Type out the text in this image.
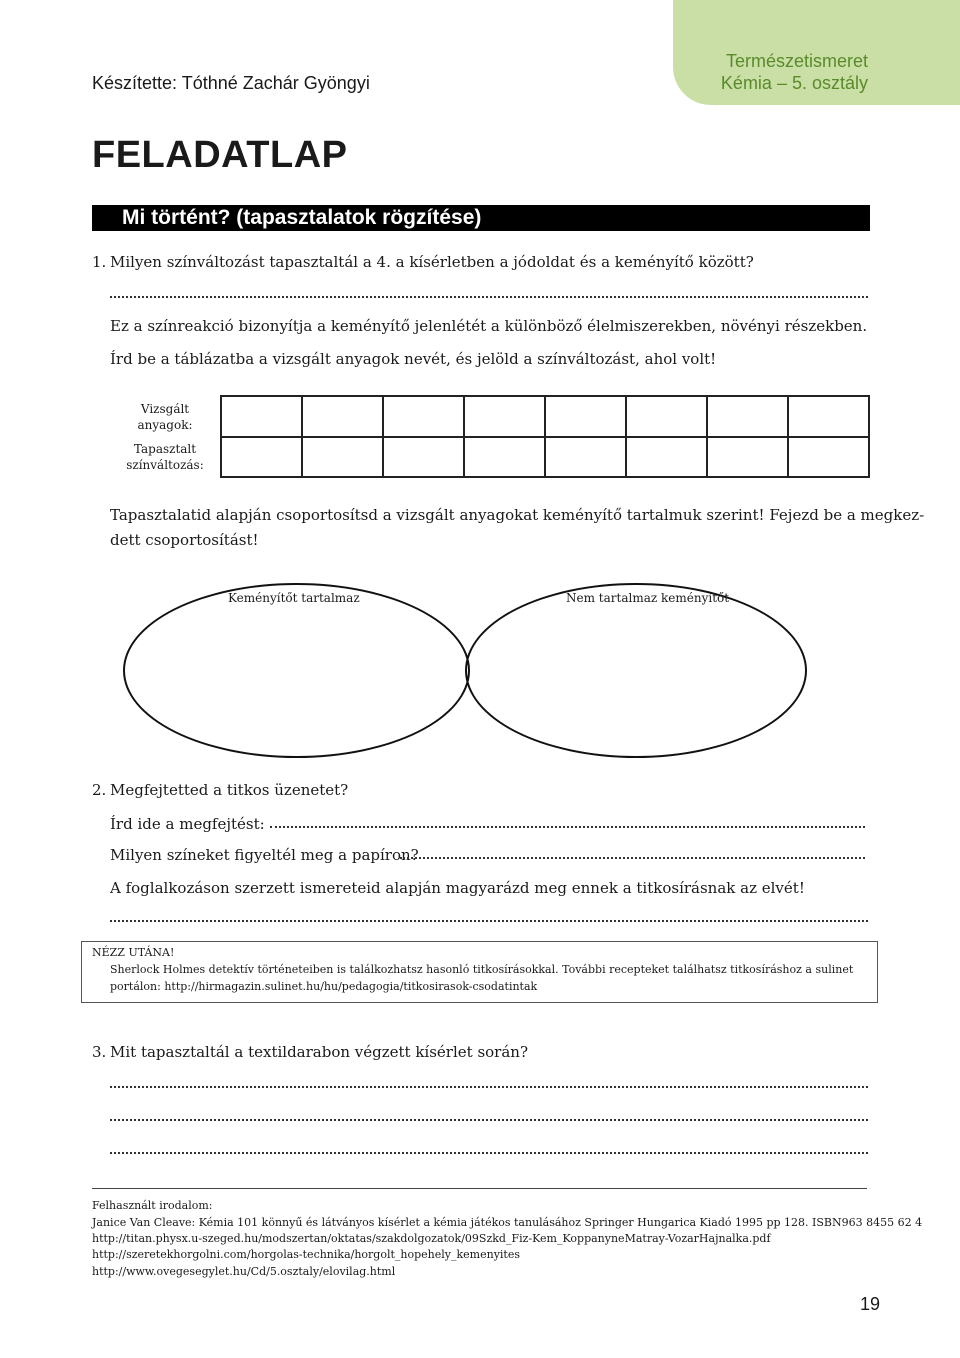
Természetismeret
Kémia – 5. osztály
Készítette: Tóthné Zachár Gyöngyi
FELADATLAP
Mi történt? (tapasztalatok rögzítése)
1. Milyen színváltozást tapasztaltál a 4. a kísérletben a jódoldat és a keményítő között?
Ez a színreakció bizonyítja a keményítő jelenlétét a különböző élelmiszerekben, növényi részekben.
Írd be a táblázatba a vizsgált anyagok nevét, és jelöld a színváltozást, ahol volt!
Vizsgált
anyagok:								

Tapasztalt
színváltozás:								

Tapasztalatid alapján csoportosítsd a vizsgált anyagokat keményítő tartalmuk szerint! Fejezd be a megkez-
dett csoportosítást!
Keményítőt tartalmaz	Nem tartalmaz keményítőt
2. Megfejtetted a titkos üzenetet?
Írd ide a megfejtést:
Milyen színeket figyeltél meg a papíron?
A foglalkozáson szerzett ismereteid alapján magyarázd meg ennek a titkosírásnak az elvét!
NÉZZ UTÁNA!
Sherlock Holmes detektív történeteiben is találkozhatsz hasonló titkosírásokkal. További recepteket találhatsz titkosíráshoz a sulinet
portálon: http://hirmagazin.sulinet.hu/hu/pedagogia/titkosirasok-csodatintak
3. Mit tapasztaltál a textildarabon végzett kísérlet során?
Felhasznált irodalom:
Janice Van Cleave: Kémia 101 könnyű és látványos kísérlet a kémia játékos tanulásához Springer Hungarica Kiadó 1995 pp 128. ISBN963 8455 62 4
http://titan.physx.u-szeged.hu/modszertan/oktatas/szakdolgozatok/09Szkd_Fiz-Kem_KoppanyneMatray-VozarHajnalka.pdf
http://szeretekhorgolni.com/horgolas-technika/horgolt_hopehely_kemenyites
http://www.ovegesegylet.hu/Cd/5.osztaly/elovilag.html
19
